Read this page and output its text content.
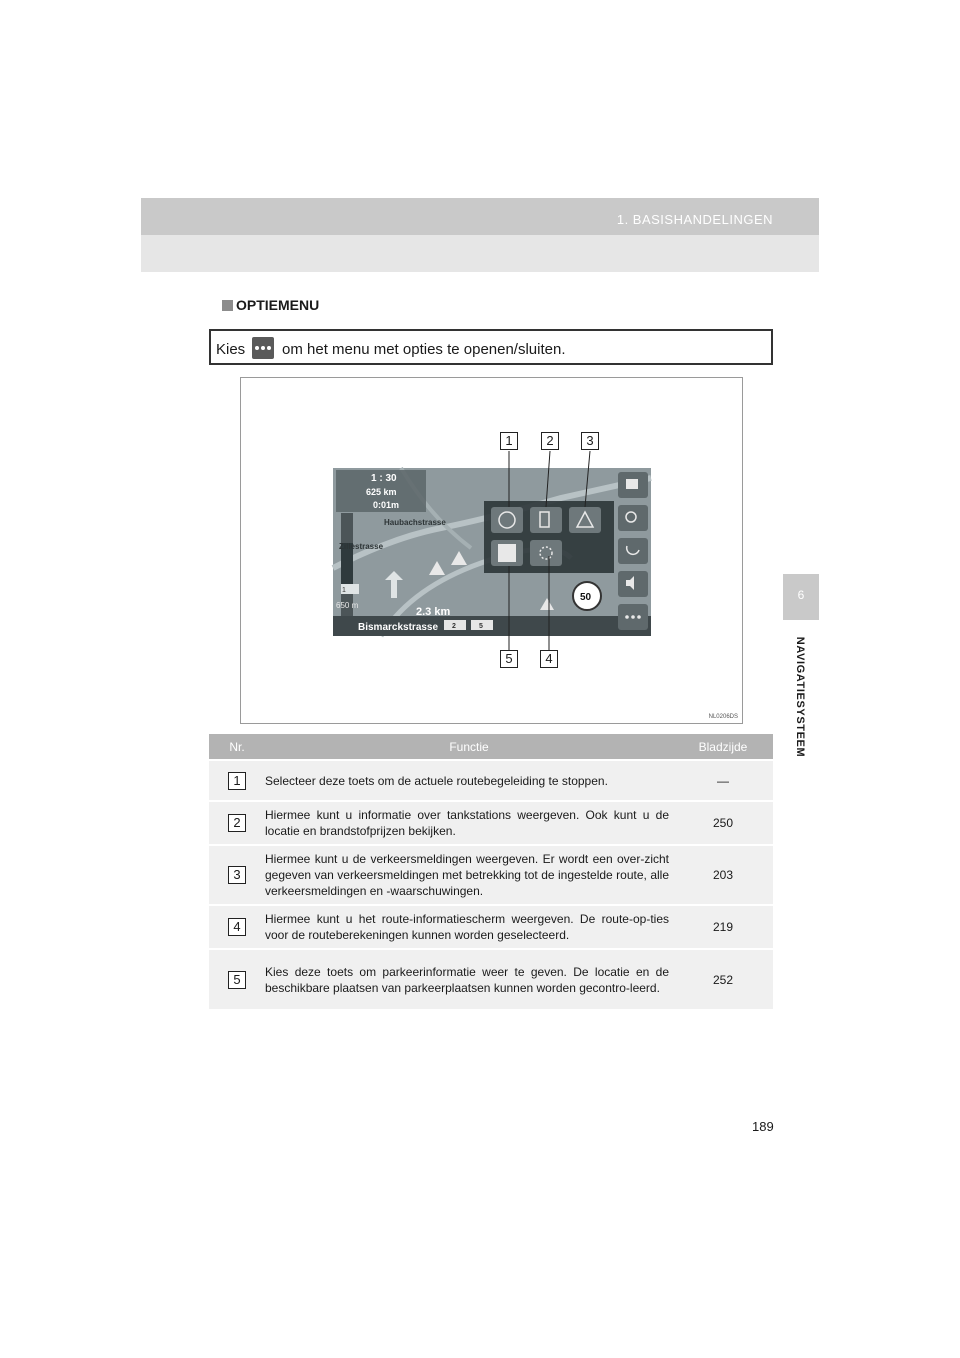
1. BASISHANDELINGEN
6
NAVIGATIESYSTEEM
OPTIEMENU
Kies om het menu met opties te openen/sluiten.
1	2	3
5	4
1 : 30
625 km
0:01m
Haubachstrasse
Zillestrasse
1
650 m
2.3 km
Bismarckstrasse 2	5
50
NL0206DS
Nr.	Functie	Bladzijde
1	Selecteer deze toets om de actuele routebegeleiding te stoppen.	—
2	Hiermee kunt u informatie over tankstations weergeven. Ook kunt u de locatie en brandstofprijzen bekijken.	250
3	Hiermee kunt u de verkeersmeldingen weergeven. Er wordt een over-zicht gegeven van verkeersmeldingen met betrekking tot de ingestelde route, alle verkeersmeldingen en -waarschuwingen.	203
4	Hiermee kunt u het route-informatiescherm weergeven. De route-op-ties voor de routeberekeningen kunnen worden geselecteerd.	219
5	Kies deze toets om parkeerinformatie weer te geven. De locatie en de beschikbare plaatsen van parkeerplaatsen kunnen worden gecontro-leerd.	252
189
